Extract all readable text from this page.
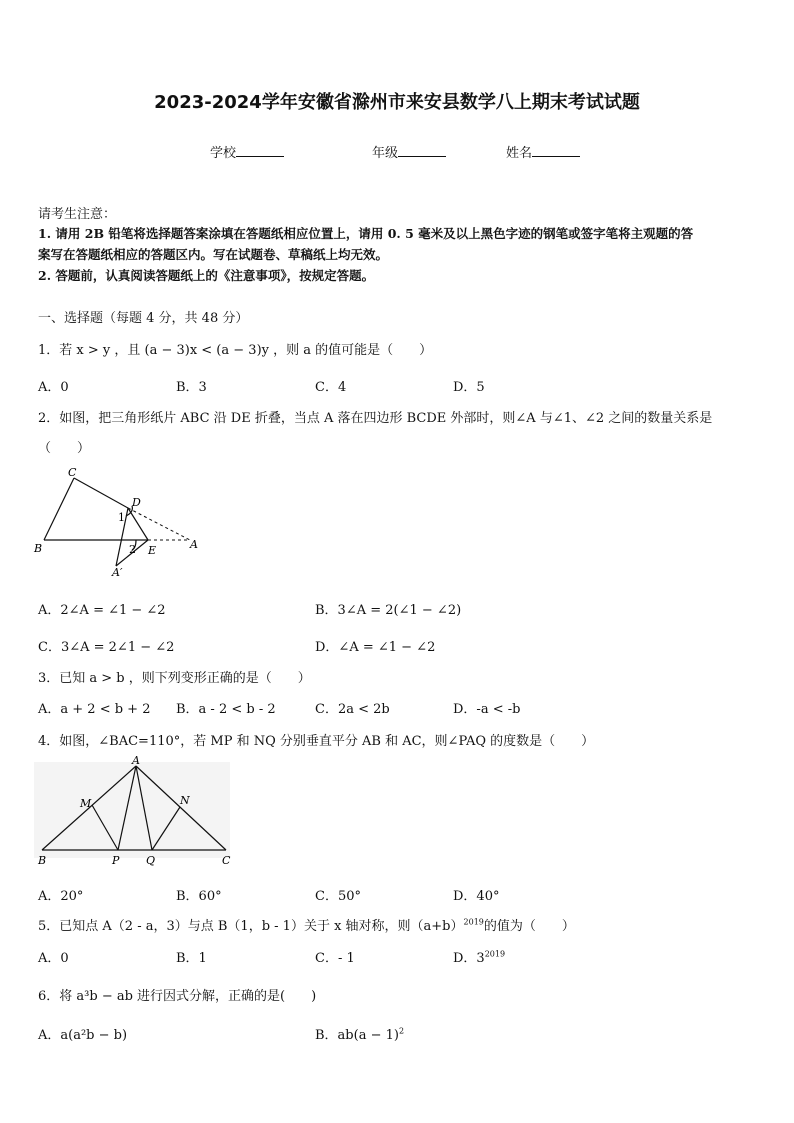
2023-2024学年安徽省滁州市来安县数学八上期末考试试题
学校	年级	姓名
请考生注意：
1. 请用 2B 铅笔将选择题答案涂填在答题纸相应位置上，请用 0. 5 毫米及以上黑色字迹的钢笔或签字笔将主观题的答
案写在答题纸相应的答题区内。写在试题卷、草稿纸上均无效。
2. 答题前，认真阅读答题纸上的《注意事项》，按规定答题。
一、选择题（每题 4 分，共 48 分）
1．若 x > y ，且 (a − 3)x < (a − 3)y ，则 a 的值可能是（　　）
A．0	B．3	C．4	D．5
2．如图，把三角形纸片 ABC 沿 DE 折叠，当点 A 落在四边形 BCDE 外部时，则∠A 与∠1、∠2 之间的数量关系是
（　　）
C
D
B	E	A
A′
1
2
A．2∠A = ∠1 − ∠2	B．3∠A = 2(∠1 − ∠2)
C．3∠A = 2∠1 − ∠2	D．∠A = ∠1 − ∠2
3．已知 a > b ，则下列变形正确的是（　　）
A．a + 2 < b + 2 B．a - 2 < b - 2	C．2a < 2b	D．-a < -b
4．如图，∠BAC=110°，若 MP 和 NQ 分别垂直平分 AB 和 AC，则∠PAQ 的度数是（　　）
A
M	N
B	P Q	C
A．20°	B．60°	C．50°	D．40°
5．已知点 A（2 - a，3）与点 B（1，b - 1）关于 x 轴对称，则$(a+b)^{2019}$的值为（　　）
A．0	B．1	C．- 1	D．$3^{2019}$
6．将 a³b − ab 进行因式分解，正确的是(　　)
A．a(a²b − b)	B．$ab(a - 1)^2$
